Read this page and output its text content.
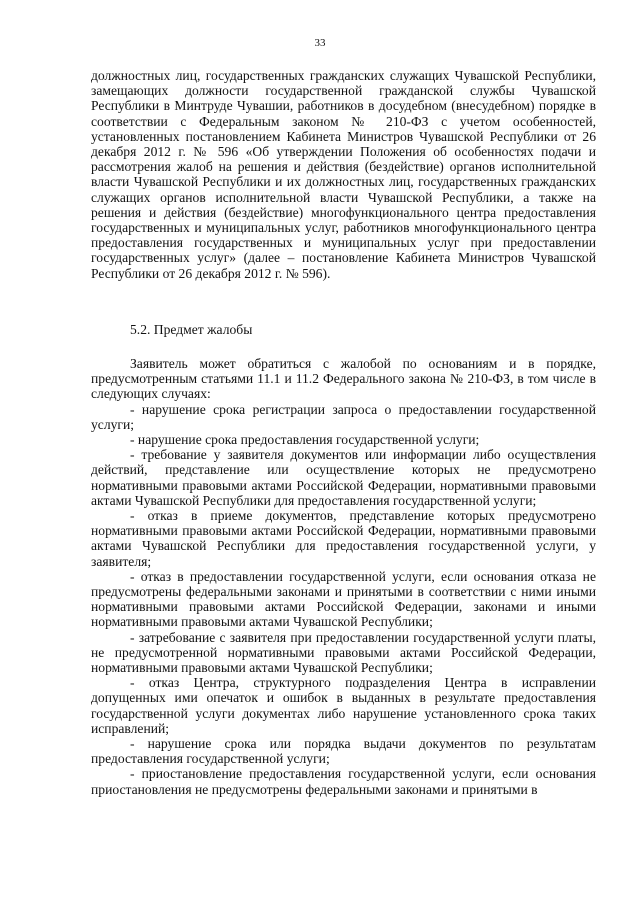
33

должностных лиц, государственных гражданских служащих Чувашской Республики, замещающих должности государственной гражданской службы Чувашской Республики в Минтруде Чувашии, работников в досудебном (внесудебном) порядке в соответствии с Федеральным законом № 210-ФЗ с учетом особенностей, установленных постановлением Кабинета Министров Чувашской Республики от 26 декабря 2012 г. № 596 «Об утверждении Положения об особенностях подачи и рассмотрения жалоб на решения и действия (бездействие) органов исполнительной власти Чувашской Республики и их должностных лиц, государственных гражданских служащих органов исполнительной власти Чувашской Республики, а также на решения и действия (бездействие) многофункционального центра предоставления государственных и муниципальных услуг, работников многофункционального центра предоставления государственных и муниципальных услуг при предоставлении государственных услуг» (далее – постановление Кабинета Министров Чувашской Республики от 26 декабря 2012 г. № 596).

5.2. Предмет жалобы

Заявитель может обратиться с жалобой по основаниям и в порядке, предусмотренным статьями 11.1 и 11.2 Федерального закона № 210-ФЗ, в том числе в следующих случаях:

- нарушение срока регистрации запроса о предоставлении государственной услуги;

- нарушение срока предоставления государственной услуги;

- требование у заявителя документов или информации либо осуществления действий, представление или осуществление которых не предусмотрено нормативными правовыми актами Российской Федерации, нормативными правовыми актами Чувашской Республики для предоставления государственной услуги;

- отказ в приеме документов, представление которых предусмотрено нормативными правовыми актами Российской Федерации, нормативными правовыми актами Чувашской Республики для предоставления государственной услуги, у заявителя;

- отказ в предоставлении государственной услуги, если основания отказа не предусмотрены федеральными законами и принятыми в соответствии с ними иными нормативными правовыми актами Российской Федерации, законами и иными нормативными правовыми актами Чувашской Республики;

- затребование с заявителя при предоставлении государственной услуги платы, не предусмотренной нормативными правовыми актами Российской Федерации, нормативными правовыми актами Чувашской Республики;

- отказ Центра, структурного подразделения Центра в исправлении допущенных ими опечаток и ошибок в выданных в результате предоставления государственной услуги документах либо нарушение установленного срока таких исправлений;

- нарушение срока или порядка выдачи документов по результатам предоставления государственной услуги;

- приостановление предоставления государственной услуги, если основания приостановления не предусмотрены федеральными законами и принятыми в
